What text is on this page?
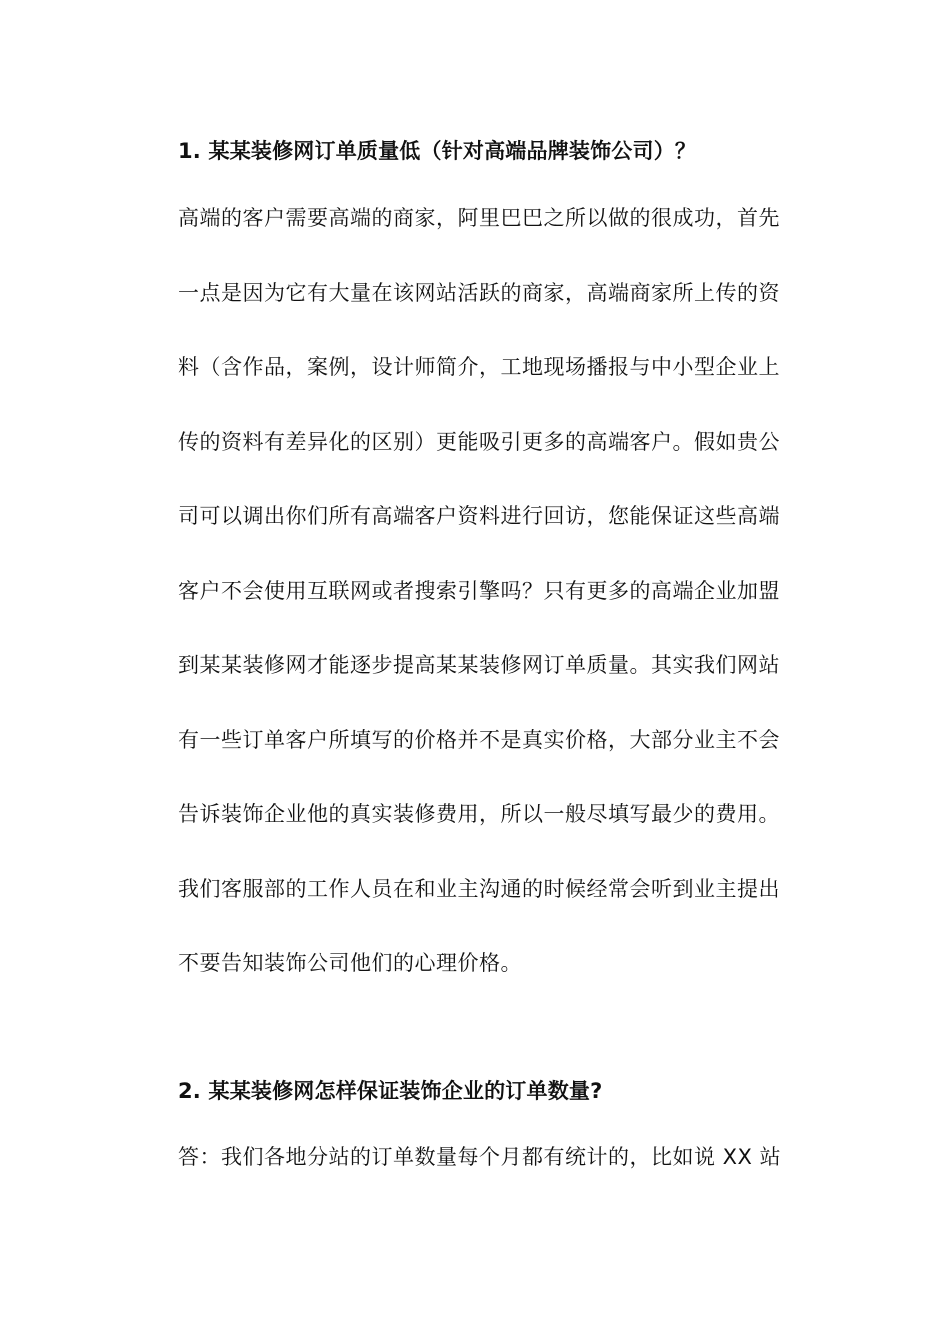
1. 某某装修网订单质量低（针对高端品牌装饰公司）？
高端的客户需要高端的商家，阿里巴巴之所以做的很成功，首先
一点是因为它有大量在该网站活跃的商家，高端商家所上传的资
料（含作品，案例，设计师简介，工地现场播报与中小型企业上
传的资料有差异化的区别）更能吸引更多的高端客户。假如贵公
司可以调出你们所有高端客户资料进行回访，您能保证这些高端
客户不会使用互联网或者搜索引擎吗？只有更多的高端企业加盟
到某某装修网才能逐步提高某某装修网订单质量。其实我们网站
有一些订单客户所填写的价格并不是真实价格，大部分业主不会
告诉装饰企业他的真实装修费用，所以一般尽填写最少的费用。
我们客服部的工作人员在和业主沟通的时候经常会听到业主提出
不要告知装饰公司他们的心理价格。
2. 某某装修网怎样保证装饰企业的订单数量?
答：我们各地分站的订单数量每个月都有统计的，比如说 XX 站
